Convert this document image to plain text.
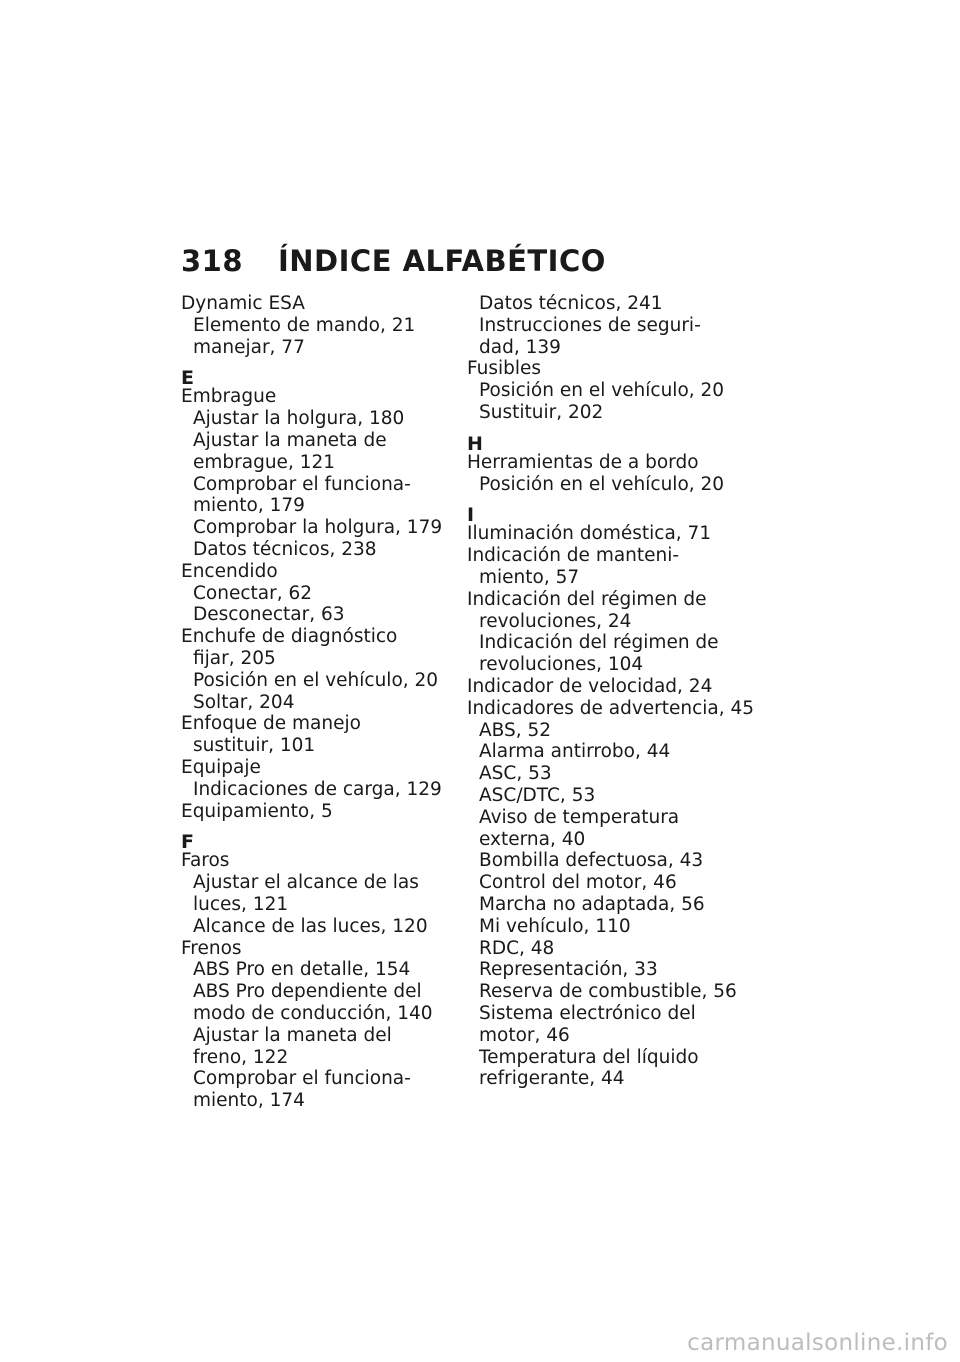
318	ÍNDICE ALFABÉTICO
Dynamic ESA
Elemento de mando, 21
manejar, 77
E
Embrague
Ajustar la holgura, 180
Ajustar la maneta de
embrague, 121
Comprobar el funciona-
miento, 179
Comprobar la holgura, 179
Datos técnicos, 238
Encendido
Conectar, 62
Desconectar, 63
Enchufe de diagnóstico
fijar, 205
Posición en el vehículo, 20
Soltar, 204
Enfoque de manejo
sustituir, 101
Equipaje
Indicaciones de carga, 129
Equipamiento, 5
F
Faros
Ajustar el alcance de las
luces, 121
Alcance de las luces, 120
Frenos
ABS Pro en detalle, 154
ABS Pro dependiente del
modo de conducción, 140
Ajustar la maneta del
freno, 122
Comprobar el funciona-
miento, 174
Datos técnicos, 241
Instrucciones de seguri-
dad, 139
Fusibles
Posición en el vehículo, 20
Sustituir, 202
H
Herramientas de a bordo
Posición en el vehículo, 20
I
Iluminación doméstica, 71
Indicación de manteni-
miento, 57
Indicación del régimen de
revoluciones, 24
Indicación del régimen de
revoluciones, 104
Indicador de velocidad, 24
Indicadores de advertencia, 45
ABS, 52
Alarma antirrobo, 44
ASC, 53
ASC/DTC, 53
Aviso de temperatura
externa, 40
Bombilla defectuosa, 43
Control del motor, 46
Marcha no adaptada, 56
Mi vehículo, 110
RDC, 48
Representación, 33
Reserva de combustible, 56
Sistema electrónico del
motor, 46
Temperatura del líquido
refrigerante, 44
carmanualsonline.info
